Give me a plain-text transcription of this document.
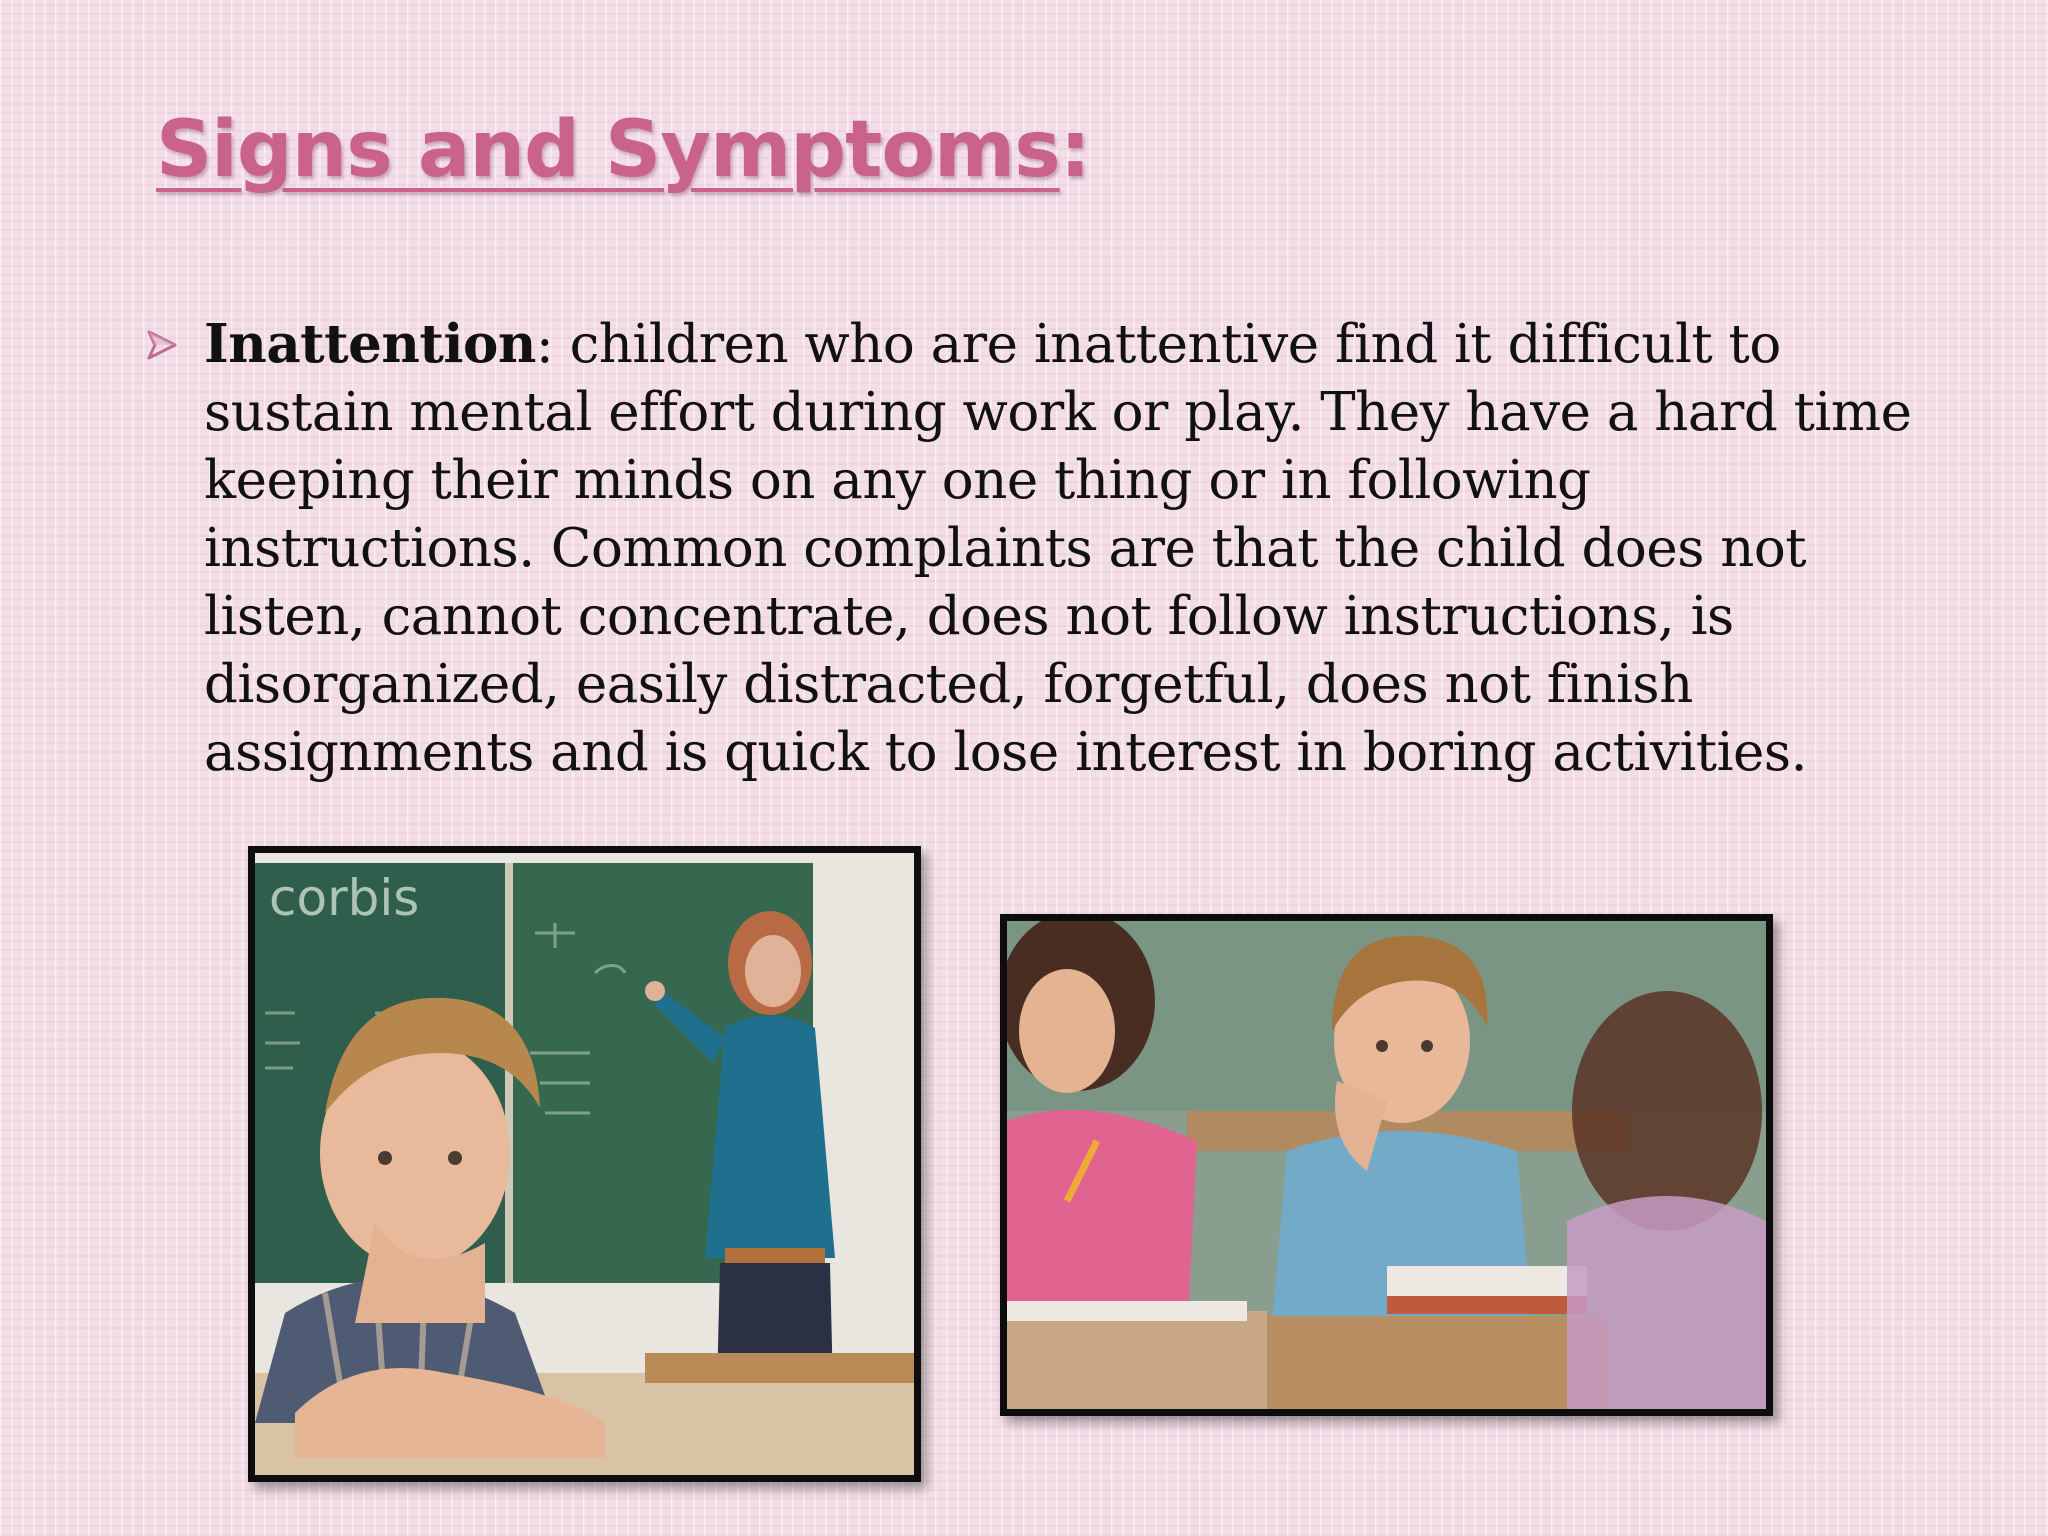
Signs and Symptoms:

Inattention: children who are inattentive find it difficult to sustain mental effort during work or play. They have a hard time keeping their minds on any one thing or in following instructions. Common complaints are that the child does not listen, cannot concentrate, does not follow instructions, is disorganized, easily distracted, forgetful, does not finish assignments and is quick to lose interest in boring activities.

corbis
